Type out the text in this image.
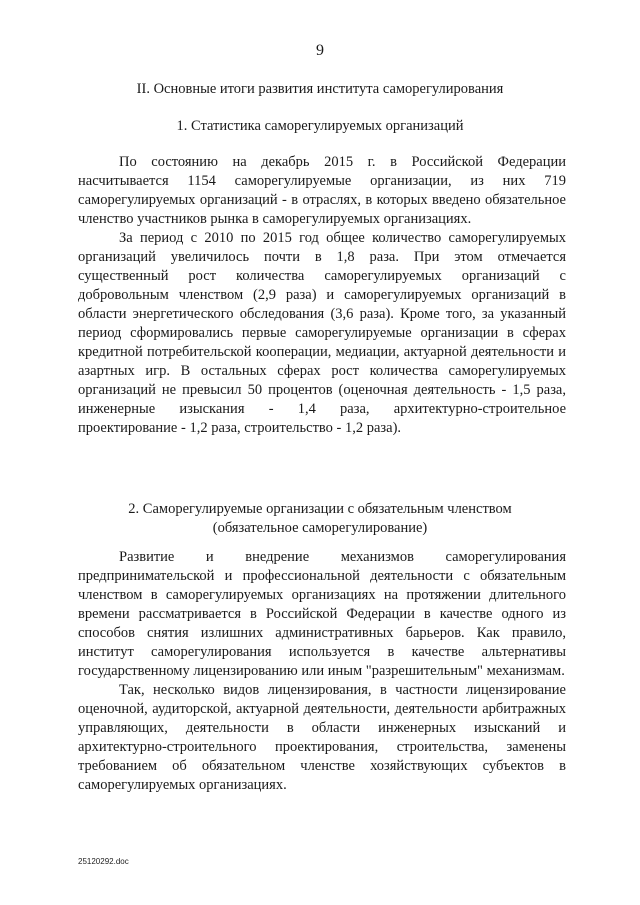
9
II. Основные итоги развития института саморегулирования
1. Статистика саморегулируемых организаций

По состоянию на декабрь 2015 г. в Российской Федерации насчитывается 1154 саморегулируемые организации, из них 719 саморегулируемых организаций - в отраслях, в которых введено обязательное членство участников рынка в саморегулируемых организациях.

За период с 2010 по 2015 год общее количество саморегулируемых организаций увеличилось почти в 1,8 раза. При этом отмечается существенный рост количества саморегулируемых организаций с добровольным членством (2,9 раза) и саморегулируемых организаций в области энергетического обследования (3,6 раза). Кроме того, за указанный период сформировались первые саморегулируемые организации в сферах кредитной потребительской кооперации, медиации, актуарной деятельности и азартных игр. В остальных сферах рост количества саморегулируемых организаций не превысил 50 процентов (оценочная деятельность - 1,5 раза, инженерные изыскания - 1,4 раза, архитектурно-строительное проектирование - 1,2 раза, строительство - 1,2 раза).

2. Саморегулируемые организации с обязательным членством
(обязательное саморегулирование)

Развитие и внедрение механизмов саморегулирования предпринимательской и профессиональной деятельности с обязательным членством в саморегулируемых организациях на протяжении длительного времени рассматривается в Российской Федерации в качестве одного из способов снятия излишних административных барьеров. Как правило, институт саморегулирования используется в качестве альтернативы государственному лицензированию или иным "разрешительным" механизмам.

Так, несколько видов лицензирования, в частности лицензирование оценочной, аудиторской, актуарной деятельности, деятельности арбитражных управляющих, деятельности в области инженерных изысканий и архитектурно-строительного проектирования, строительства, заменены требованием об обязательном членстве хозяйствующих субъектов в саморегулируемых организациях.

25120292.doc
